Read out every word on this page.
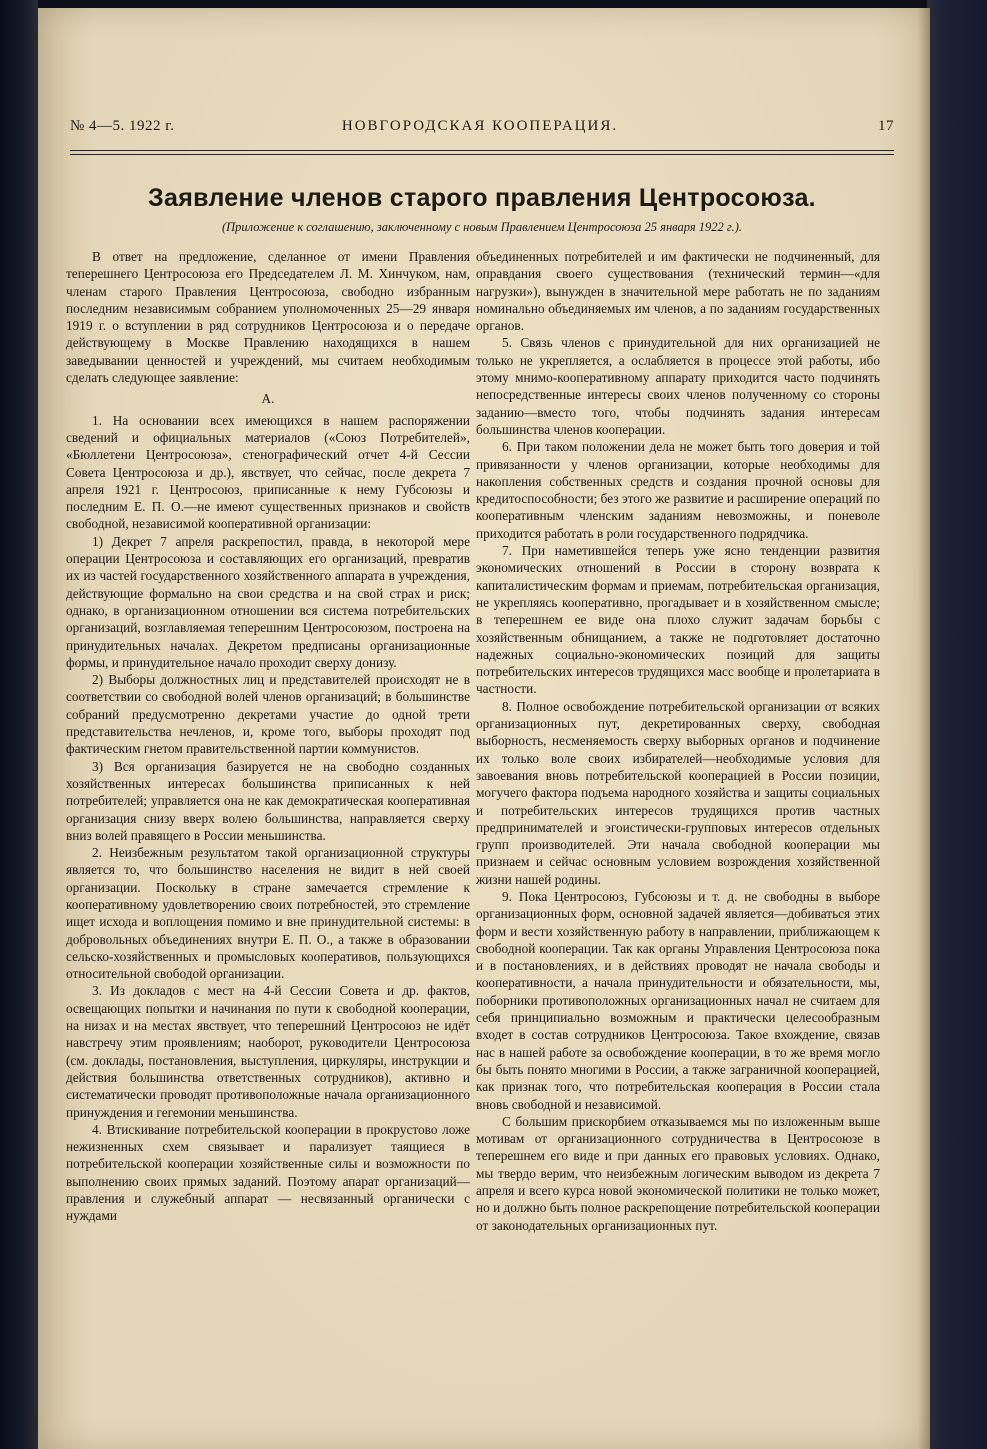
№ 4—5. 1922 г.	НОВГОРОДСКАЯ КООПЕРАЦИЯ.	17
Заявление членов старого правления Центросоюза.
(Приложение к соглашению, заключенному с новым Правлением Центросоюза 25 января 1922 г.).

В ответ на предложение, сделанное от имени Правления теперешнего Центросоюза его Председателем Л. М. Хинчуком, нам, членам старого Правления Центросоюза, свободно избранным последним независимым собранием уполномоченных 25—29 января 1919 г. о вступлении в ряд сотрудников Центросоюза и о передаче действующему в Москве Правлению находящихся в нашем заведывании ценностей и учреждений, мы считаем необходимым сделать следующее заявление:

А.

1. На основании всех имеющихся в нашем распоряжении сведений и официальных материалов («Союз Потребителей», «Бюллетени Центросоюза», стенографический отчет 4-й Сессии Совета Центросоюза и др.), явствует, что сейчас, после декрета 7 апреля 1921 г. Центросоюз, приписанные к нему Губсоюзы и последним Е. П. О.—не имеют существенных признаков и свойств свободной, независимой кооперативной организации:

1) Декрет 7 апреля раскрепостил, правда, в некоторой мере операции Центросоюза и составляющих его организаций, превратив их из частей государственного хозяйственного аппарата в учреждения, действующие формально на свои средства и на свой страх и риск; однако, в организационном отношении вся система потребительских организаций, возглавляемая теперешним Центросоюзом, построена на принудительных началах. Декретом предписаны организационные формы, и принудительное начало проходит сверху донизу.

2) Выборы должностных лиц и представителей происходят не в соответствии со свободной волей членов организаций; в большинстве собраний предусмотренно декретами участие до одной трети представительства нечленов, и, кроме того, выборы проходят под фактическим гнетом правительственной партии коммунистов.

3) Вся организация базируется не на свободно созданных хозяйственных интересах большинства приписанных к ней потребителей; управляется она не как демократическая кооперативная организация снизу вверх волею большинства, направляется сверху вниз волей правящего в России меньшинства.

2. Неизбежным результатом такой организационной структуры является то, что большинство населения не видит в ней своей организации. Поскольку в стране замечается стремление к кооперативному удовлетворению своих потребностей, это стремление ищет исхода и воплощения помимо и вне принудительной системы: в добровольных объединениях внутри Е. П. О., а также в образовании сельско-хозяйственных и промысловых кооперативов, пользующихся относительной свободой организации.

3. Из докладов с мест на 4-й Сессии Совета и др. фактов, освещающих попытки и начинания по пути к свободной кооперации, на низах и на местах явствует, что теперешний Центросоюз не идёт навстречу этим проявлениям; наоборот, руководители Центросоюза (см. доклады, постановления, выступления, циркуляры, инструкции и действия большинства ответственных сотрудников), активно и систематически проводят противоположные начала организационного принуждения и гегемонии меньшинства.

4. Втискивание потребительской кооперации в прокрустово ложе нежизненных схем связывает и парализует таящиеся в потребительской кооперации хозяйственные силы и возможности по выполнению своих прямых заданий. Поэтому апарат организаций—правления и служебный аппарат — несвязанный органически с нуждами

объединенных потребителей и им фактически не подчиненный, для оправдания своего существования (технический термин—«для нагрузки»), вынужден в значительной мере работать не по заданиям номинально объединяемых им членов, а по заданиям государственных органов.

5. Связь членов с принудительной для них организацией не только не укрепляется, а ослабляется в процессе этой работы, ибо этому мнимо-кооперативному аппарату приходится часто подчинять непосредственные интересы своих членов полученному со стороны заданию—вместо того, чтобы подчинять задания интересам большинства членов кооперации.

6. При таком положении дела не может быть того доверия и той привязанности у членов организации, которые необходимы для накопления собственных средств и создания прочной основы для кредитоспособности; без этого же развитие и расширение операций по кооперативным членским заданиям невозможны, и поневоле приходится работать в роли государственного подрядчика.

7. При наметившейся теперь уже ясно тенденции развития экономических отношений в России в сторону возврата к капиталистическим формам и приемам, потребительская организация, не укрепляясь кооперативно, прогадывает и в хозяйственном смысле; в теперешнем ее виде она плохо служит задачам борьбы с хозяйственным обнищанием, а также не подготовляет достаточно надежных социально-экономических позиций для защиты потребительских интересов трудящихся масс вообще и пролетариата в частности.

8. Полное освобождение потребительской организации от всяких организационных пут, декретированных сверху, свободная выборность, несменяемость сверху выборных органов и подчинение их только воле своих избирателей—необходимые условия для завоевания вновь потребительской кооперацией в России позиции, могучего фактора подъема народного хозяйства и защиты социальных и потребительских интересов трудящихся против частных предпринимателей и эгоистически-групповых интересов отдельных групп производителей. Эти начала свободной кооперации мы признаем и сейчас основным условием возрождения хозяйственной жизни нашей родины.

9. Пока Центросоюз, Губсоюзы и т. д. не свободны в выборе организационных форм, основной задачей является—добиваться этих форм и вести хозяйственную работу в направлении, приближающем к свободной кооперации. Так как органы Управления Центросоюза пока и в постановлениях, и в действиях проводят не начала свободы и кооперативности, а начала принудительности и обязательности, мы, поборники противоположных организационных начал не считаем для себя принципиально возможным и практически целесообразным входет в состав сотрудников Центросоюза. Такое вхождение, связав нас в нашей работе за освобождение кооперации, в то же время могло бы быть понято многими в России, а также заграничной кооперацией, как признак того, что потребительская кооперация в России стала вновь свободной и независимой.

С большим прискорбием отказываемся мы по изложенным выше мотивам от организационного сотрудничества в Центросоюзе в теперешнем его виде и при данных его правовых условиях. Однако, мы твердо верим, что неизбежным логическим выводом из декрета 7 апреля и всего курса новой экономической политики не только может, но и должно быть полное раскрепощение потребительской кооперации от законодательных организационных пут.
